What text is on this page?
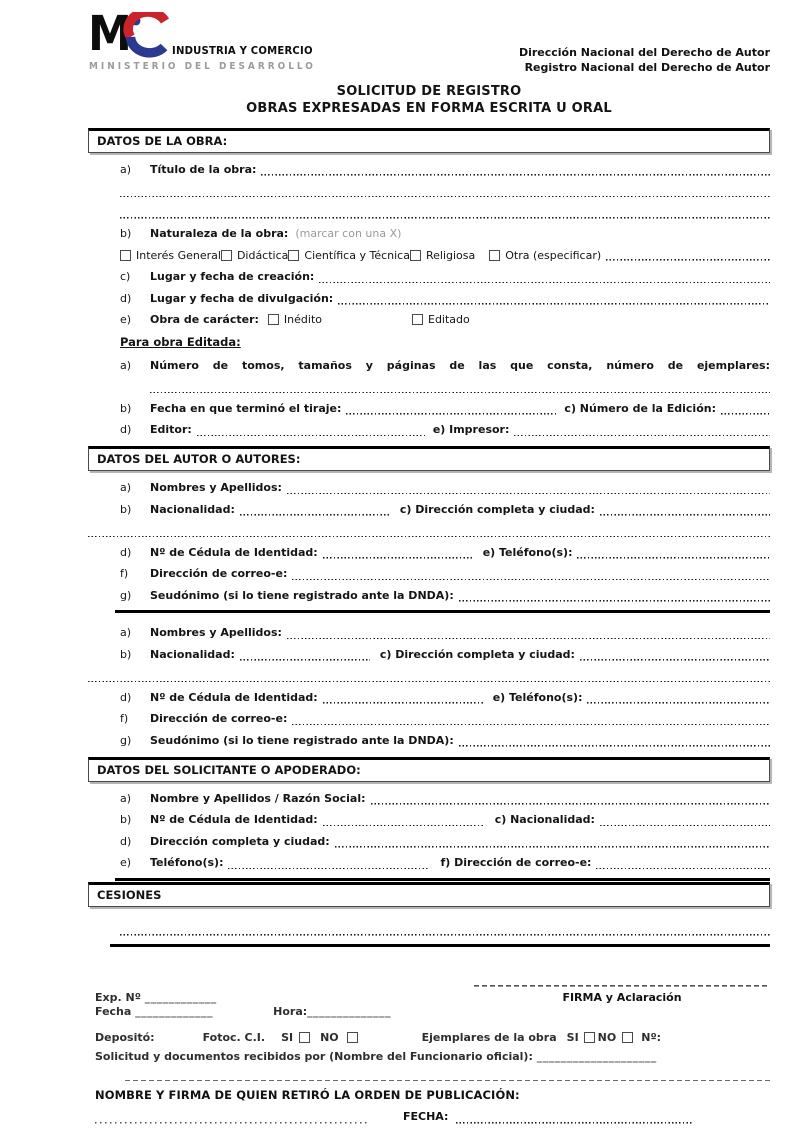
M	INDUSTRIA Y COMERCIO
MINISTERIO DEL DESARROLLO
Dirección Nacional del Derecho de Autor
Registro Nacional del Derecho de Autor
SOLICITUD DE REGISTRO
OBRAS EXPRESADAS EN FORMA ESCRITA U ORAL
DATOS DE LA OBRA:
a)	Título de la obra:
b)	Naturaleza de la obra: (marcar con una X)
Interés General Didáctica Científica y Técnica Religiosa	Otra (especificar)
c)	Lugar y fecha de creación:
d)	Lugar y fecha de divulgación:
e)	Obra de carácter: Inédito	Editado
Para obra Editada:
a)	Número de tomos, tamaños y páginas de las que consta, número de ejemplares:
b)	Fecha en que terminó el tiraje:	c) Número de la Edición:
d)	Editor:	e) Impresor:
DATOS DEL AUTOR O AUTORES:
a)	Nombres y Apellidos:
b)	Nacionalidad:	c) Dirección completa y ciudad:
d)	Nº de Cédula de Identidad:	e) Teléfono(s):
f)	Dirección de correo-e:
g)	Seudónimo (si lo tiene registrado ante la DNDA):
a)	Nombres y Apellidos:
b)	Nacionalidad:	c) Dirección completa y ciudad:
d)	Nº de Cédula de Identidad:	e) Teléfono(s):
f)	Dirección de correo-e:
g)	Seudónimo (si lo tiene registrado ante la DNDA):
DATOS DEL SOLICITANTE O APODERADO:
a)	Nombre y Apellidos / Razón Social:
b)	Nº de Cédula de Identidad:	c) Nacionalidad:
d)	Dirección completa y ciudad:
e)	Teléfono(s):	f) Dirección de correo-e:
CESIONES
Exp. Nº
____________	FIRMA y Aclaración
Fecha
_____________	Hora: ______________
Depositó:	Fotoc. C.I. SI NO	Ejemplares de la obra SI NO Nº:
Solicitud y documentos recibidos por (Nombre del Funcionario oficial):
____________________
NOMBRE Y FIRMA DE QUIEN RETIRÓ LA ORDEN DE PUBLICACIÓN:
FECHA:
